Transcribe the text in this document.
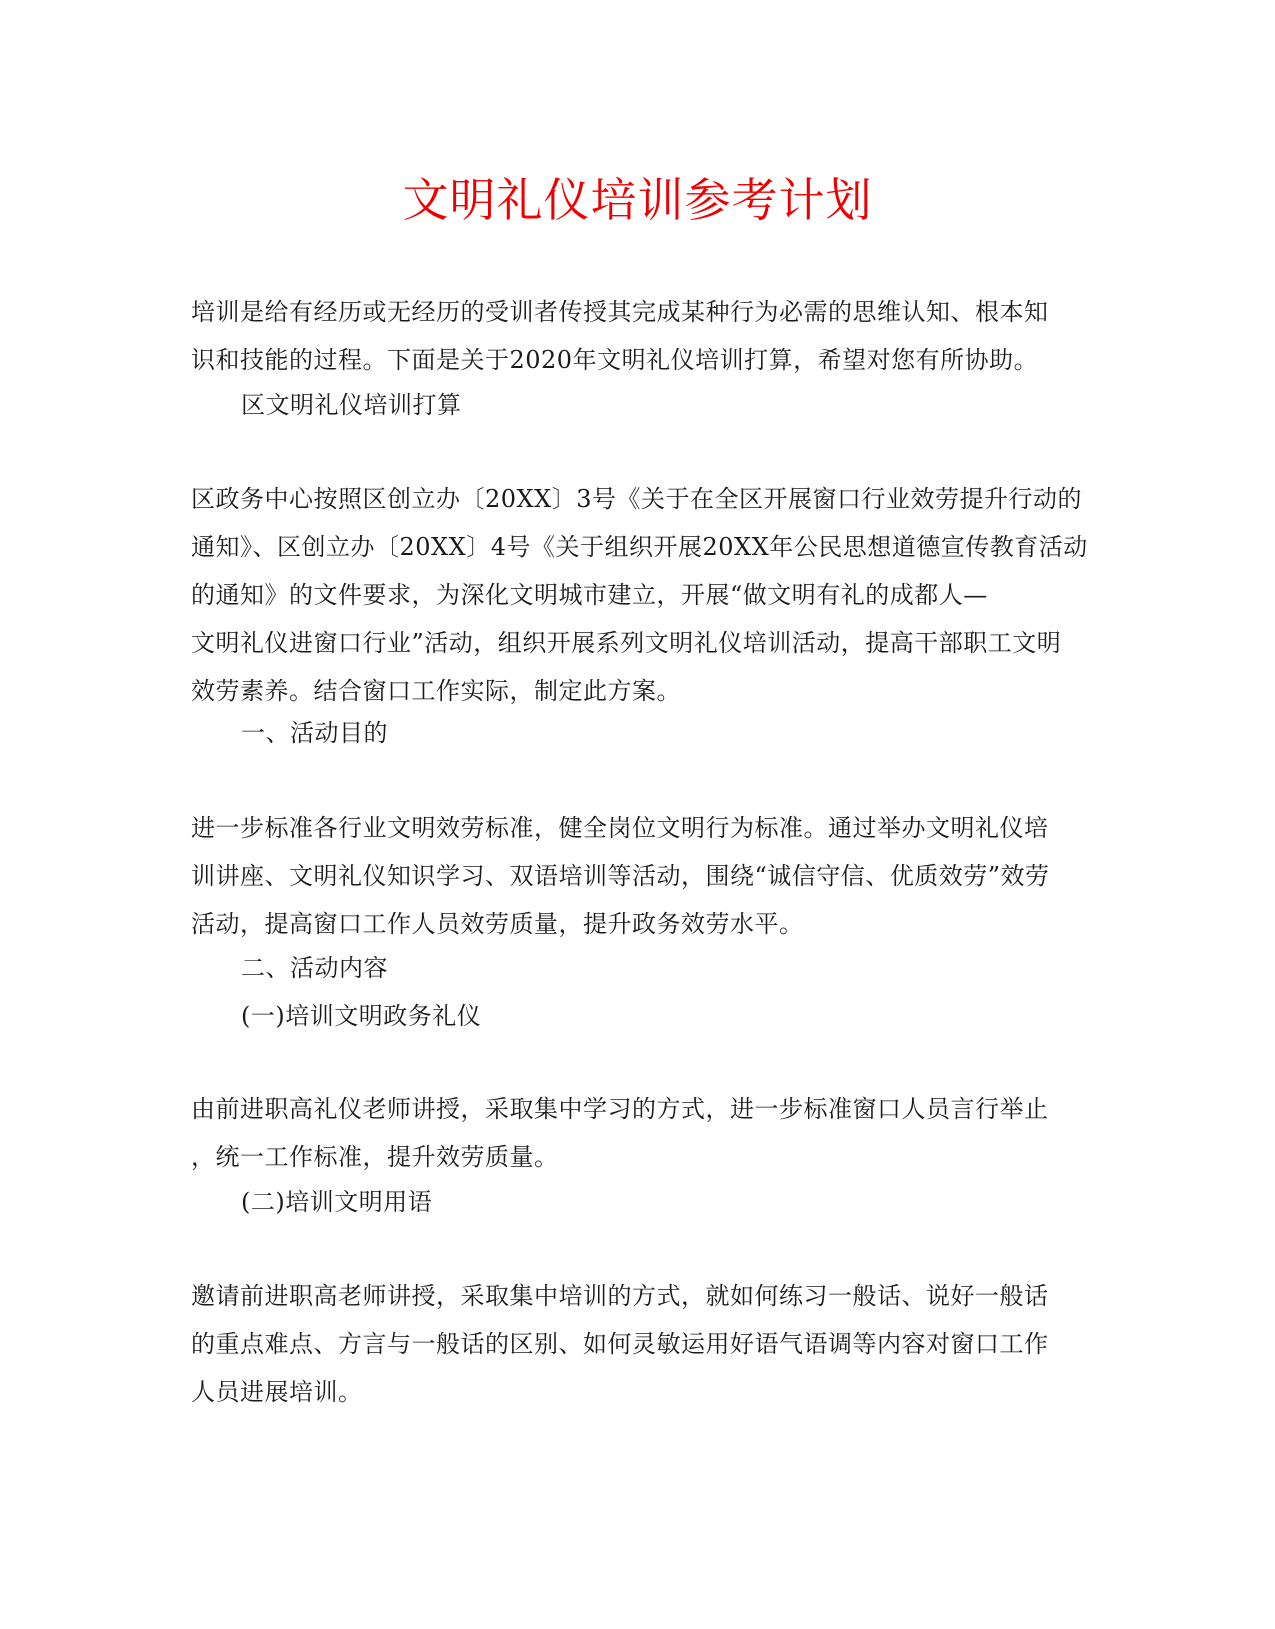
文明礼仪培训参考计划

培训是给有经历或无经历的受训者传授其完成某种行为必需的思维认知、根本知

识和技能的过程。下面是关于2020年文明礼仪培训打算，希望对您有所协助。

区文明礼仪培训打算

区政务中心按照区创立办〔20XX〕3号《关于在全区开展窗口行业效劳提升行动的

通知》、区创立办〔20XX〕4号《关于组织开展20XX年公民思想道德宣传教育活动

的通知》的文件要求，为深化文明城市建立，开展“做文明有礼的成都人—

文明礼仪进窗口行业”活动，组织开展系列文明礼仪培训活动，提高干部职工文明

效劳素养。结合窗口工作实际，制定此方案。

一、活动目的

进一步标准各行业文明效劳标准，健全岗位文明行为标准。通过举办文明礼仪培

训讲座、文明礼仪知识学习、双语培训等活动，围绕“诚信守信、优质效劳”效劳

活动，提高窗口工作人员效劳质量，提升政务效劳水平。

二、活动内容

(一)培训文明政务礼仪

由前进职高礼仪老师讲授，采取集中学习的方式，进一步标准窗口人员言行举止

，统一工作标准，提升效劳质量。

(二)培训文明用语

邀请前进职高老师讲授，采取集中培训的方式，就如何练习一般话、说好一般话

的重点难点、方言与一般话的区别、如何灵敏运用好语气语调等内容对窗口工作

人员进展培训。
